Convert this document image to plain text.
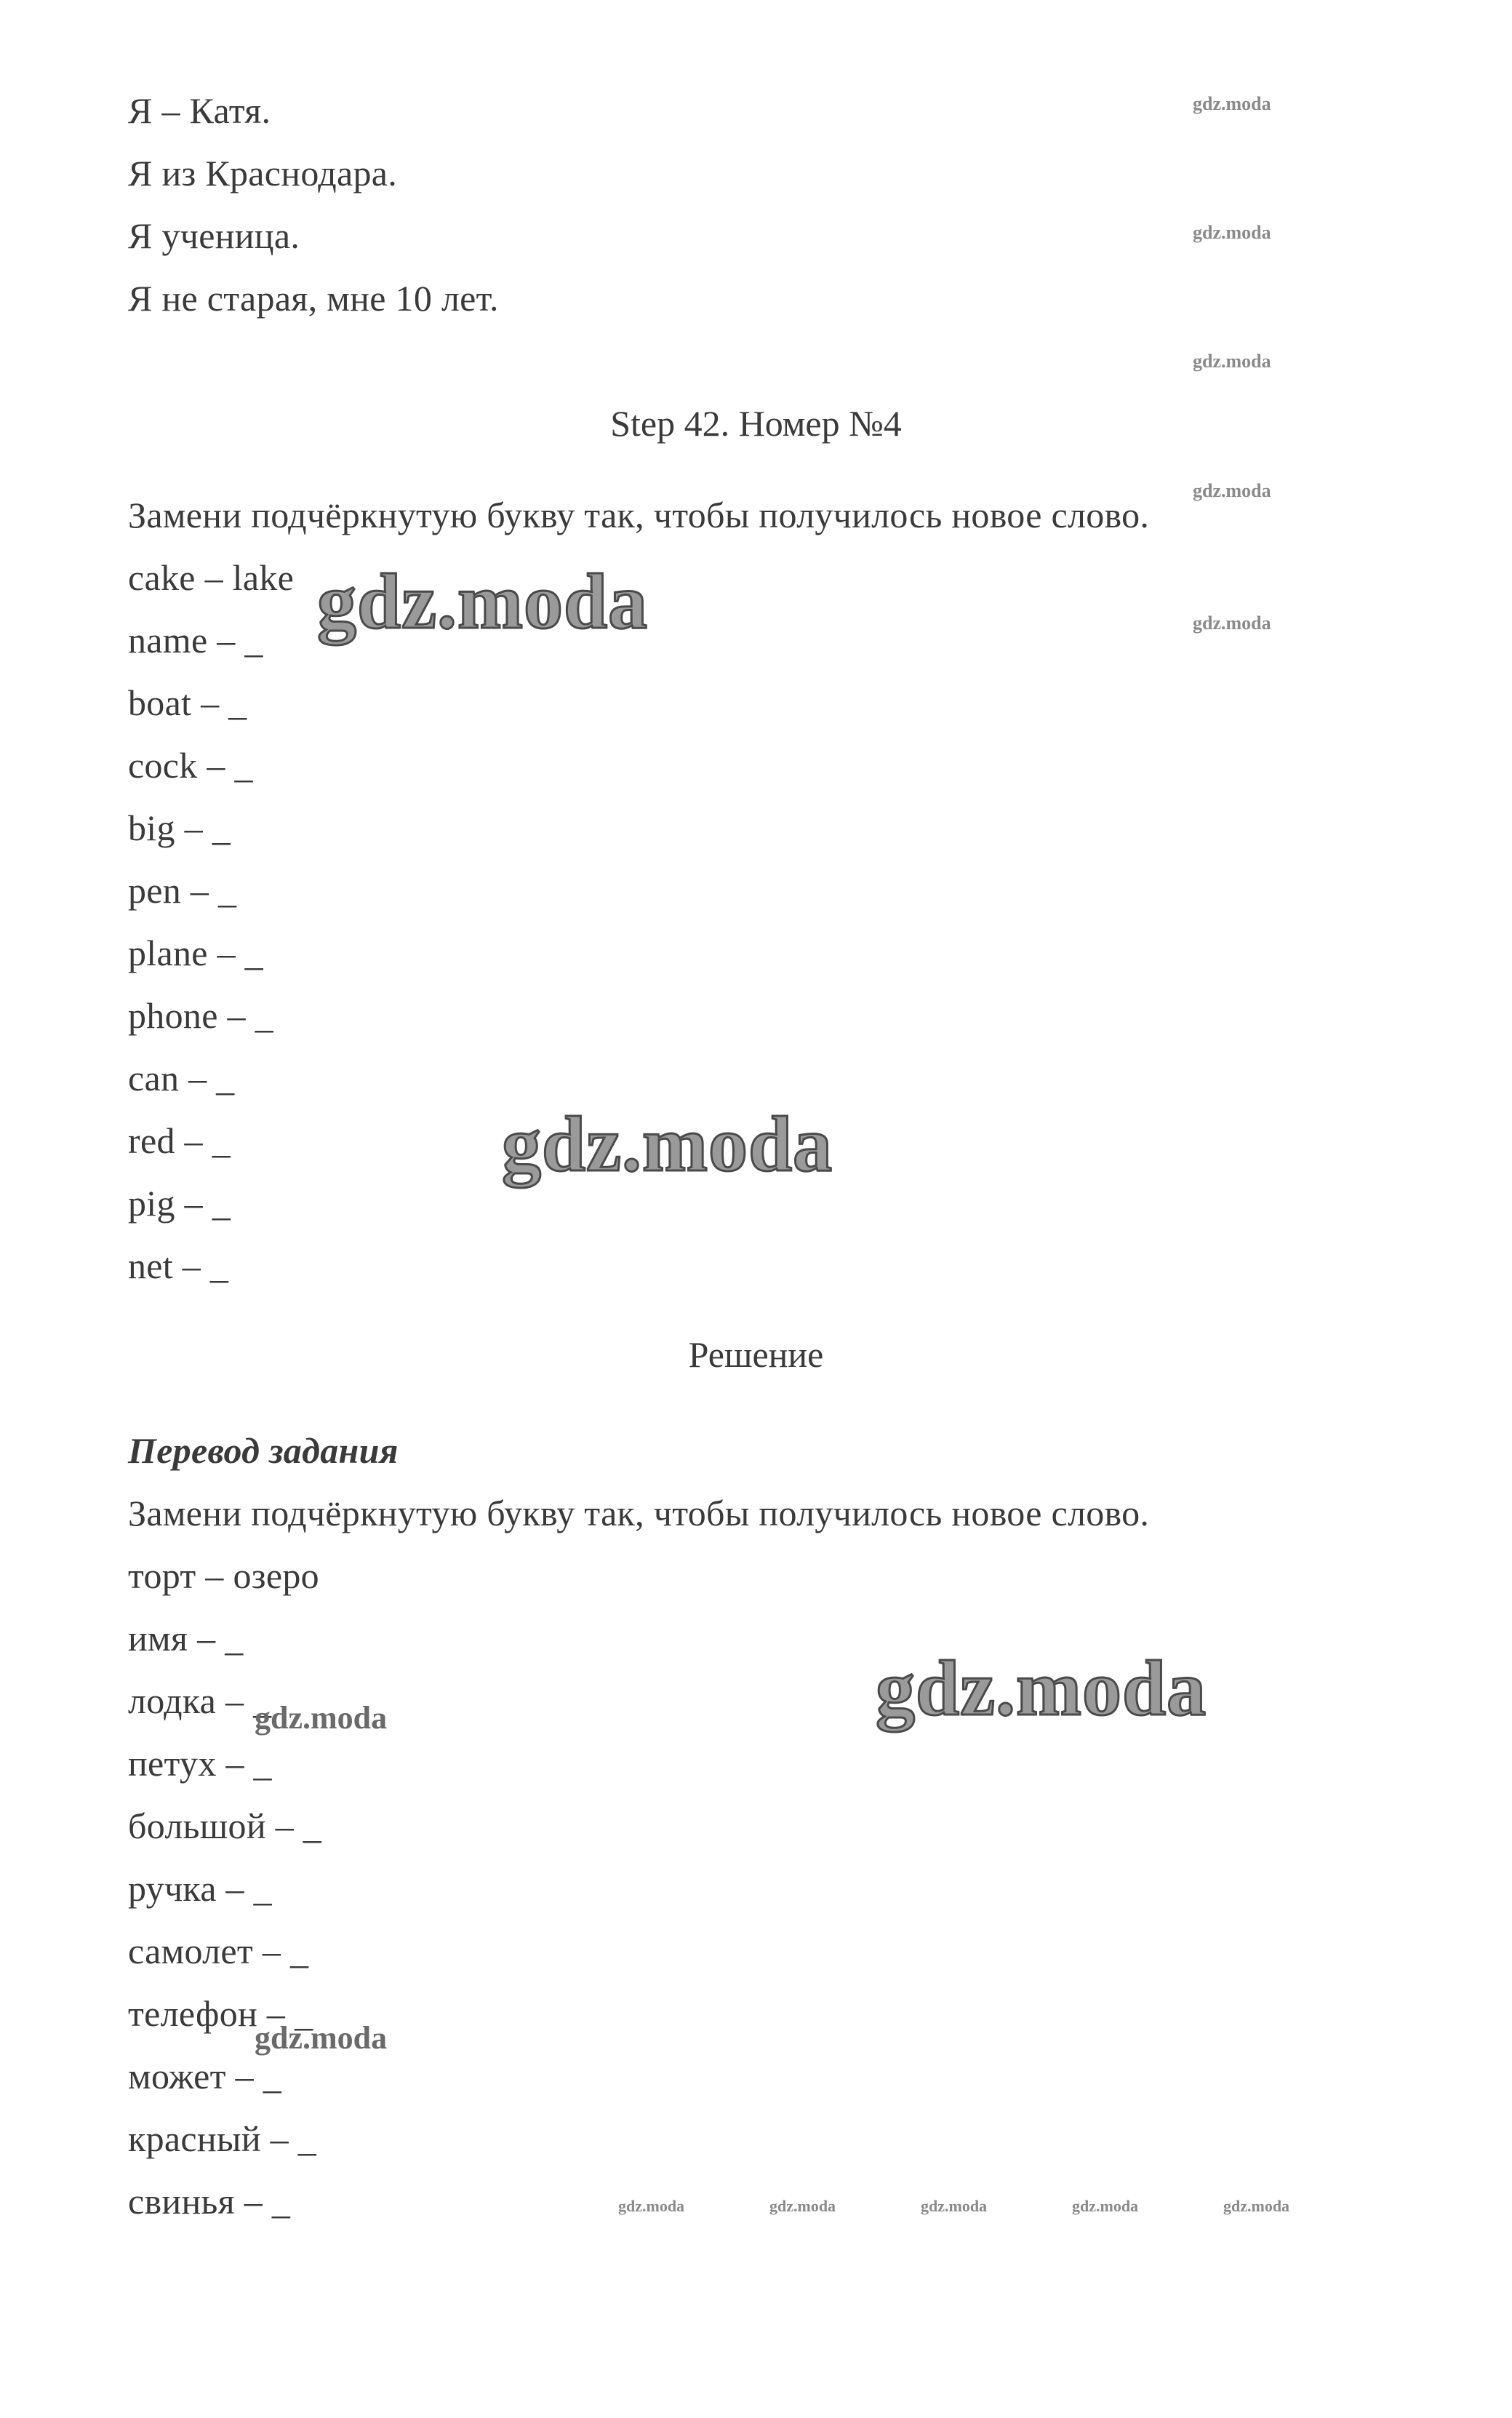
Я – Катя.
Я из Краснодара.
Я ученица.
Я не старая, мне 10 лет.
Step 42. Номер №4
Замени подчёркнутую букву так, чтобы получилось новое слово.
cake – lake
name – _
boat – _
cock – _
big – _
pen – _
plane – _
phone – _
can – _
red – _
pig – _
net – _
Решение
Перевод задания
Замени подчёркнутую букву так, чтобы получилось новое слово.
торт – озеро
имя – _
лодка – _
петух – _
большой – _
ручка – _
самолет – _
телефон – _
может – _
красный – _
свинья – _
gdz.moda
gdz.moda
gdz.moda
gdz.moda
gdz.moda
gdz.moda
gdz.moda
gdz.moda
gdz.moda
gdz.moda
gdz.moda	gdz.moda	gdz.moda	gdz.moda	gdz.moda
